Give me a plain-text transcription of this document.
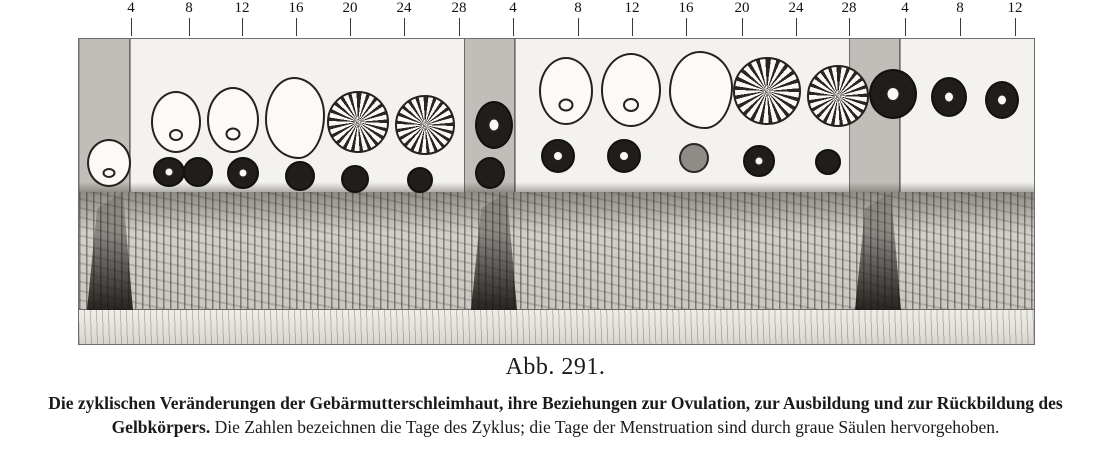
4	8	12	16	20	24	28	4	8	12	16	20	24	28	4	8	12
Abb. 291.
Die zyklischen Veränderungen der Gebärmutterschleimhaut, ihre Beziehungen zur Ovulation, zur Ausbildung und zur Rückbildung des Gelbkörpers. Die Zahlen bezeichnen die Tage des Zyklus; die Tage der Menstruation sind durch graue Säulen hervorgehoben.
